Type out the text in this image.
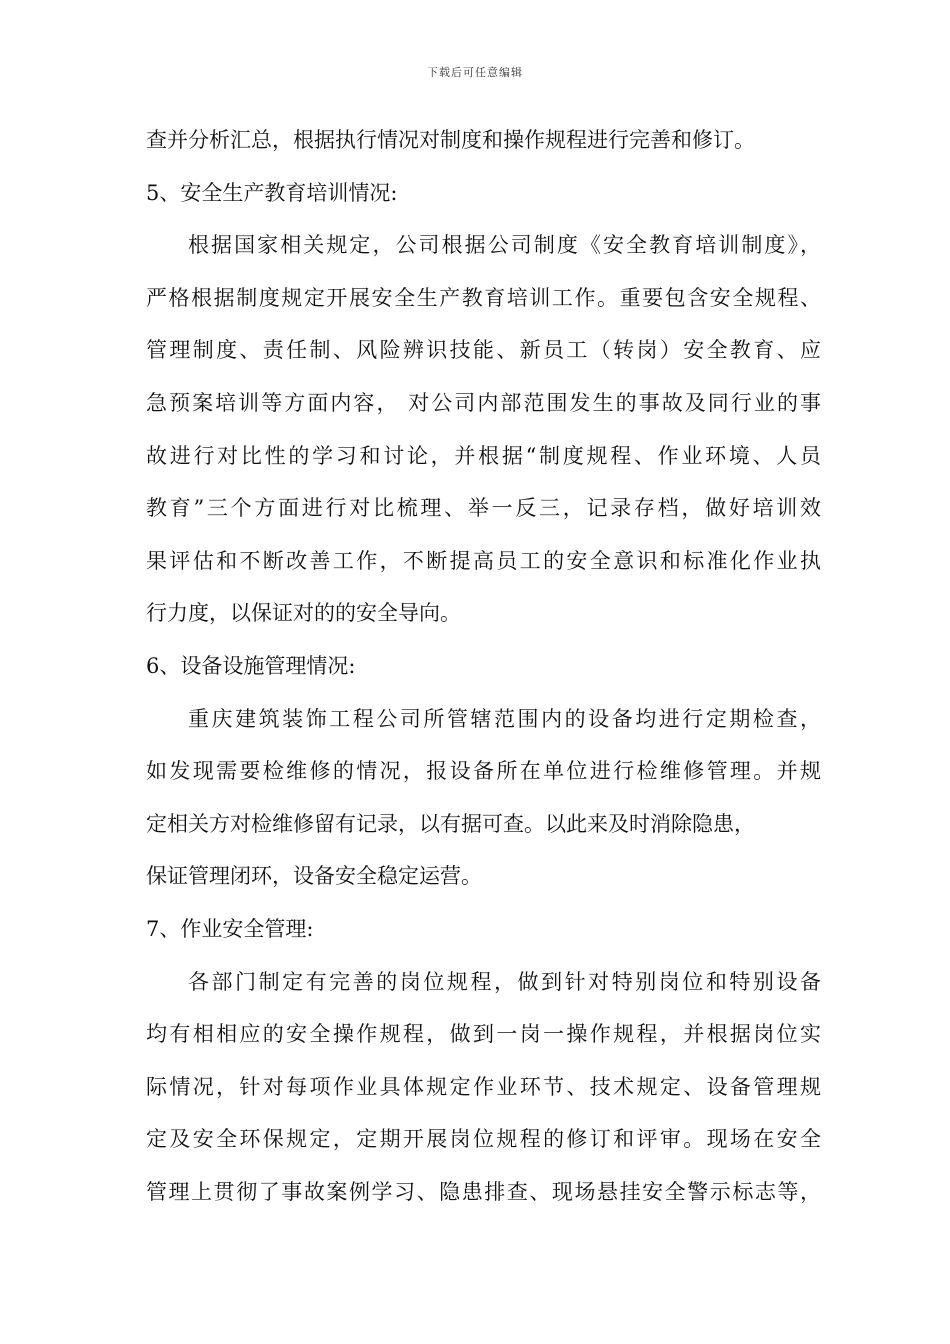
下载后可任意编辑
查并分析汇总，根据执行情况对制度和操作规程进行完善和修订。
5、安全生产教育培训情况:
根据国家相关规定，公司根据公司制度《安全教育培训制度》，
严格根据制度规定开展安全生产教育培训工作。重要包含安全规程、
管理制度、责任制、风险辨识技能、新员工（转岗）安全教育、应
急预案培训等方面内容， 对公司内部范围发生的事故及同行业的事
故进行对比性的学习和讨论，并根据“制度规程、作业环境、人员
教育”三个方面进行对比梳理、举一反三，记录存档，做好培训效
果评估和不断改善工作，不断提高员工的安全意识和标准化作业执
行力度，以保证对的的安全导向。
6、设备设施管理情况:
重庆建筑装饰工程公司所管辖范围内的设备均进行定期检查，
如发现需要检维修的情况，报设备所在单位进行检维修管理。并规
定相关方对检维修留有记录，以有据可查。以此来及时消除隐患，
保证管理闭环，设备安全稳定运营。
7、作业安全管理:
各部门制定有完善的岗位规程，做到针对特别岗位和特别设备
均有相相应的安全操作规程，做到一岗一操作规程，并根据岗位实
际情况，针对每项作业具体规定作业环节、技术规定、设备管理规
定及安全环保规定，定期开展岗位规程的修订和评审。现场在安全
管理上贯彻了事故案例学习、隐患排查、现场悬挂安全警示标志等，
